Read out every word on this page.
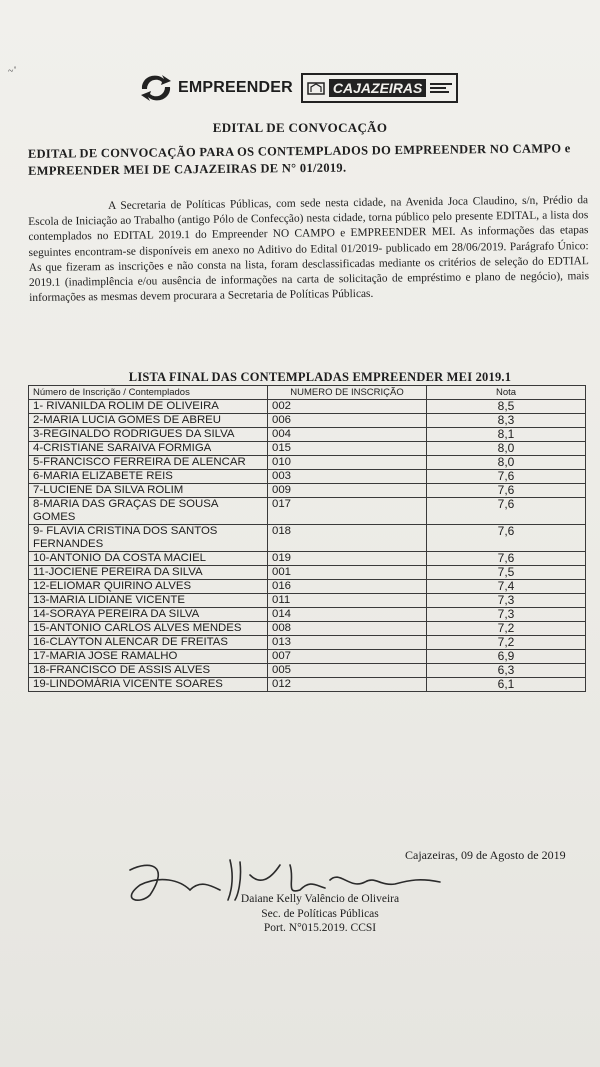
~˚
EMPREENDER	CAJAZEIRAS
EDITAL DE CONVOCAÇÃO
EDITAL DE CONVOCAÇÃO PARA OS CONTEMPLADOS DO EMPREENDER NO CAMPO e EMPREENDER MEI DE CAJAZEIRAS DE N° 01/2019.
A Secretaria de Políticas Públicas, com sede nesta cidade, na Avenida Joca Claudino, s/n, Prédio da Escola de Iniciação ao Trabalho (antigo Pólo de Confecção) nesta cidade, torna público pelo presente EDITAL, a lista dos contemplados no EDITAL 2019.1 do Empreender NO CAMPO e EMPREENDER MEI. As informações das etapas seguintes encontram-se disponíveis em anexo no Aditivo do Edital 01/2019- publicado em 28/06/2019. Parágrafo Único: As que fizeram as inscrições e não consta na lista, foram desclassificadas mediante os critérios de seleção do EDTIAL 2019.1 (inadimplência e/ou ausência de informações na carta de solicitação de empréstimo e plano de negócio), mais informações as mesmas devem procurara a Secretaria de Políticas Públicas.
LISTA FINAL DAS CONTEMPLADAS EMPREENDER MEI 2019.1
Número de Inscrição / Contemplados	NUMERO DE INSCRIÇÃO	Nota
1- RIVANILDA ROLIM DE OLIVEIRA	002	8,5
2-MARIA LUCIA GOMES DE ABREU	006	8,3
3-REGINALDO RODRIGUES DA SILVA	004	8,1
4-CRISTIANE SARAIVA FORMIGA	015	8,0
5-FRANCISCO FERREIRA DE ALENCAR	010	8,0
6-MARIA ELIZABETE REIS	003	7,6
7-LUCIENE DA SILVA ROLIM	009	7,6
8-MARIA DAS GRAÇAS DE SOUSA GOMES	017	7,6
9- FLAVIA CRISTINA DOS SANTOS FERNANDES	018	7,6
10-ANTONIO DA COSTA MACIEL	019	7,6
11-JOCIENE PEREIRA DA SILVA	001	7,5
12-ELIOMAR QUIRINO ALVES	016	7,4
13-MARIA LIDIANE VICENTE	011	7,3
14-SORAYA PEREIRA DA SILVA	014	7,3
15-ANTONIO CARLOS ALVES MENDES	008	7,2
16-CLAYTON ALENCAR DE FREITAS	013	7,2
17-MARIA JOSE RAMALHO	007	6,9
18-FRANCISCO DE ASSIS ALVES	005	6,3
19-LINDOMÁRIA VICENTE SOARES	012	6,1
Cajazeiras, 09 de Agosto de 2019
Daiane Kelly Valêncio de Oliveira
Sec. de Políticas Públicas
Port. N°015.2019. CCSI
